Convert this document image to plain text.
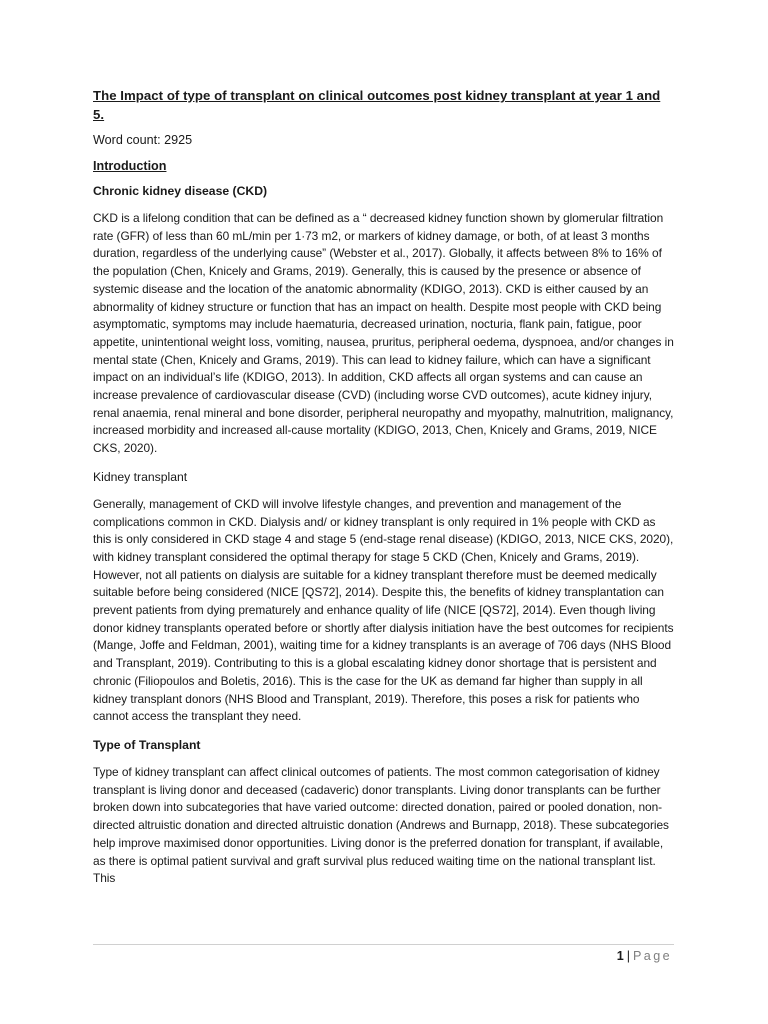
The Impact of type of transplant on clinical outcomes post kidney transplant at year 1 and 5.
Word count: 2925
Introduction
Chronic kidney disease (CKD)

CKD is a lifelong condition that can be defined as a “ decreased kidney function shown by glomerular filtration rate (GFR) of less than 60 mL/min per 1·73 m2, or markers of kidney damage, or both, of at least 3 months duration, regardless of the underlying cause” (Webster et al., 2017). Globally, it affects between 8% to 16% of the population (Chen, Knicely and Grams, 2019). Generally, this is caused by the presence or absence of systemic disease and the location of the anatomic abnormality (KDIGO, 2013). CKD is either caused by an abnormality of kidney structure or function that has an impact on health. Despite most people with CKD being asymptomatic, symptoms may include haematuria, decreased urination, nocturia, flank pain, fatigue, poor appetite, unintentional weight loss, vomiting, nausea, pruritus, peripheral oedema, dyspnoea, and/or changes in mental state (Chen, Knicely and Grams, 2019). This can lead to kidney failure, which can have a significant impact on an individual’s life (KDIGO, 2013). In addition, CKD affects all organ systems and can cause an increase prevalence of cardiovascular disease (CVD) (including worse CVD outcomes), acute kidney injury, renal anaemia, renal mineral and bone disorder, peripheral neuropathy and myopathy, malnutrition, malignancy, increased morbidity and increased all-cause mortality (KDIGO, 2013, Chen, Knicely and Grams, 2019, NICE CKS, 2020).

Kidney transplant

Generally, management of CKD will involve lifestyle changes, and prevention and management of the complications common in CKD. Dialysis and/ or kidney transplant is only required in 1% people with CKD as this is only considered in CKD stage 4 and stage 5 (end-stage renal disease) (KDIGO, 2013, NICE CKS, 2020), with kidney transplant considered the optimal therapy for stage 5 CKD (Chen, Knicely and Grams, 2019). However, not all patients on dialysis are suitable for a kidney transplant therefore must be deemed medically suitable before being considered (NICE [QS72], 2014). Despite this, the benefits of kidney transplantation can prevent patients from dying prematurely and enhance quality of life (NICE [QS72], 2014). Even though living donor kidney transplants operated before or shortly after dialysis initiation have the best outcomes for recipients (Mange, Joffe and Feldman, 2001), waiting time for a kidney transplants is an average of 706 days (NHS Blood and Transplant, 2019). Contributing to this is a global escalating kidney donor shortage that is persistent and chronic (Filiopoulos and Boletis, 2016). This is the case for the UK as demand far higher than supply in all kidney transplant donors (NHS Blood and Transplant, 2019). Therefore, this poses a risk for patients who cannot access the transplant they need.

Type of Transplant

Type of kidney transplant can affect clinical outcomes of patients. The most common categorisation of kidney transplant is living donor and deceased (cadaveric) donor transplants. Living donor transplants can be further broken down into subcategories that have varied outcome: directed donation, paired or pooled donation, non-directed altruistic donation and directed altruistic donation (Andrews and Burnapp, 2018). These subcategories help improve maximised donor opportunities. Living donor is the preferred donation for transplant, if available, as there is optimal patient survival and graft survival plus reduced waiting time on the national transplant list. This

1 | Page
